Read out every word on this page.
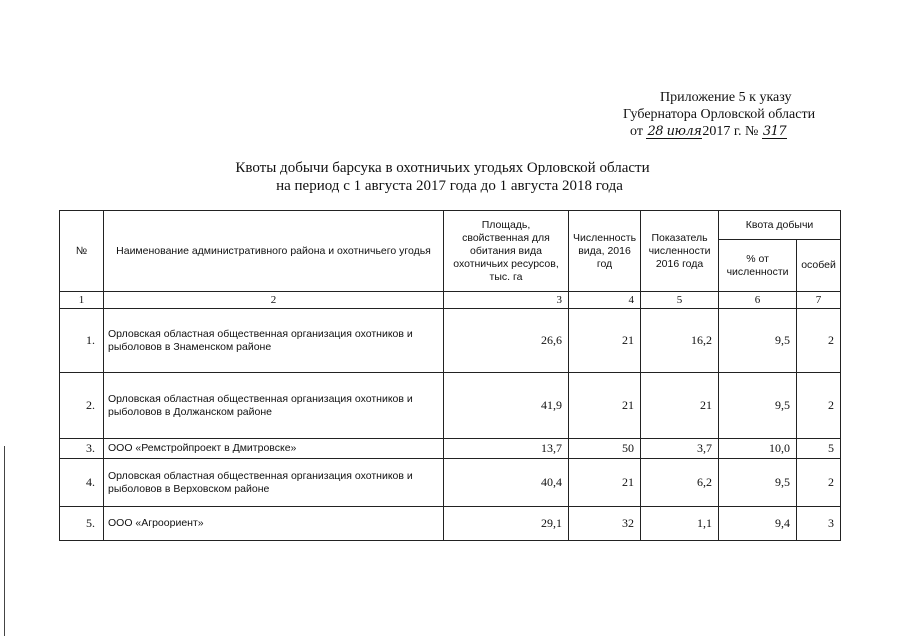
Приложение 5 к указу
Губернатора Орловской области
от 28 июля2017 г. № 317
Квоты добычи барсука в охотничьих угодьях Орловской области
на период с 1 августа 2017 года до 1 августа 2018 года
№	Наименование административного района и охотничьего угодья	Площадь, свойственная для обитания вида охотничьих ресурсов, тыс. га	Численность вида, 2016 год	Показатель численности 2016 года	Квота добычи	
					% от численности	особей
1	2	3	4	5	6	7
1.	Орловская областная общественная организация охотников и рыболовов в Знаменском районе	26,6	21	16,2	9,5	2
2.	Орловская областная общественная организация охотников и рыболовов в Должанском районе	41,9	21	21	9,5	2
3.	ООО «Ремстройпроект в Дмитровске»	13,7	50	3,7	10,0	5
4.	Орловская областная общественная организация охотников и рыболовов в Верховском районе	40,4	21	6,2	9,5	2
5.	ООО «Агроориент»	29,1	32	1,1	9,4	3
